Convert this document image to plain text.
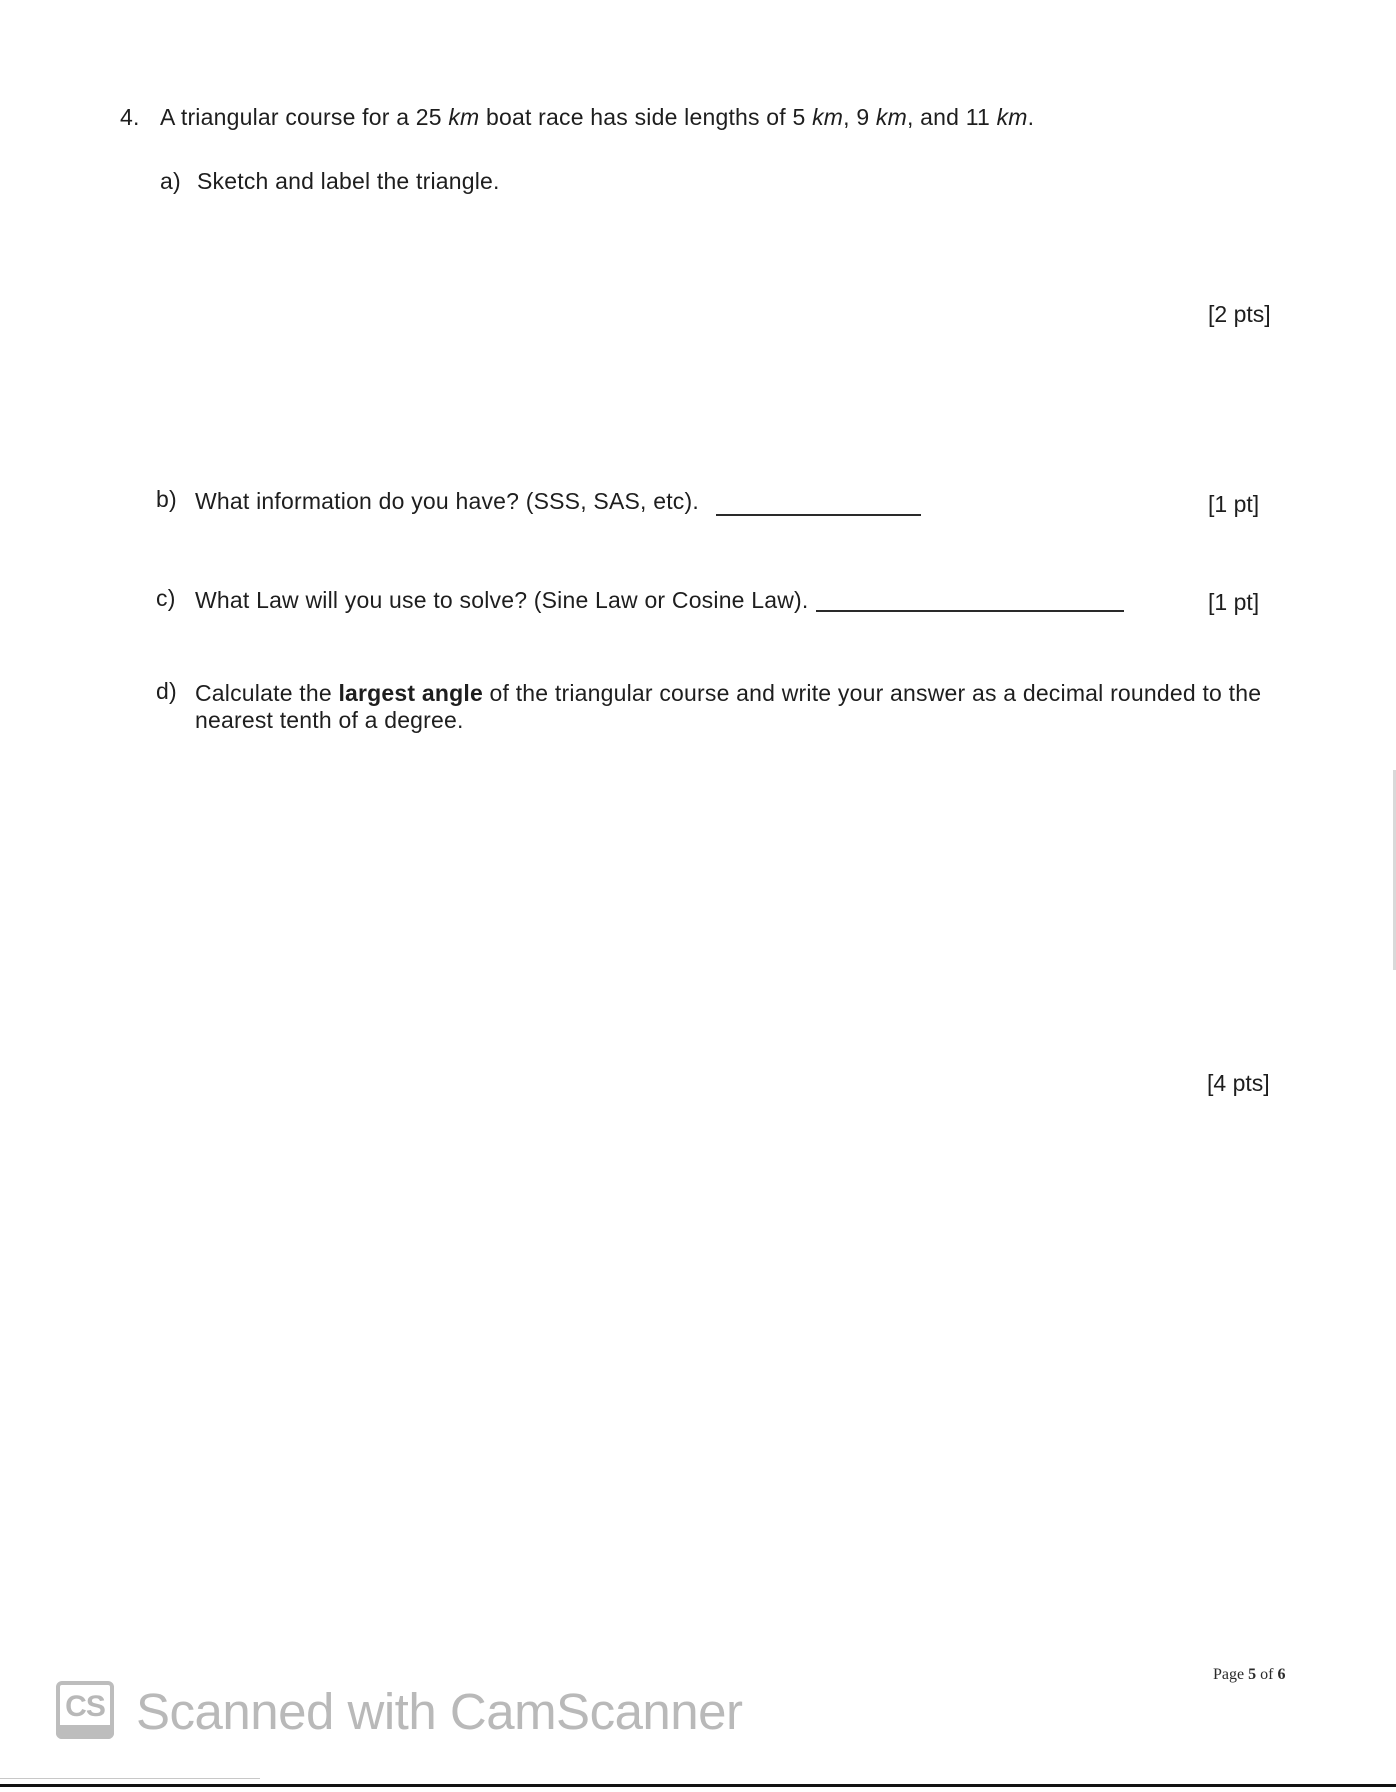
4. A triangular course for a 25 km boat race has side lengths of 5 km, 9 km, and 11 km.
a) Sketch and label the triangle.
[2 pts]
b) What information do you have? (SSS, SAS, etc).	[1 pt]
c) What Law will you use to solve? (Sine Law or Cosine Law).	[1 pt]
d) Calculate the largest angle of the triangular course and write your answer as a decimal rounded to the nearest tenth of a degree.
[4 pts]
Page 5 of 6
CS Scanned with CamScanner
